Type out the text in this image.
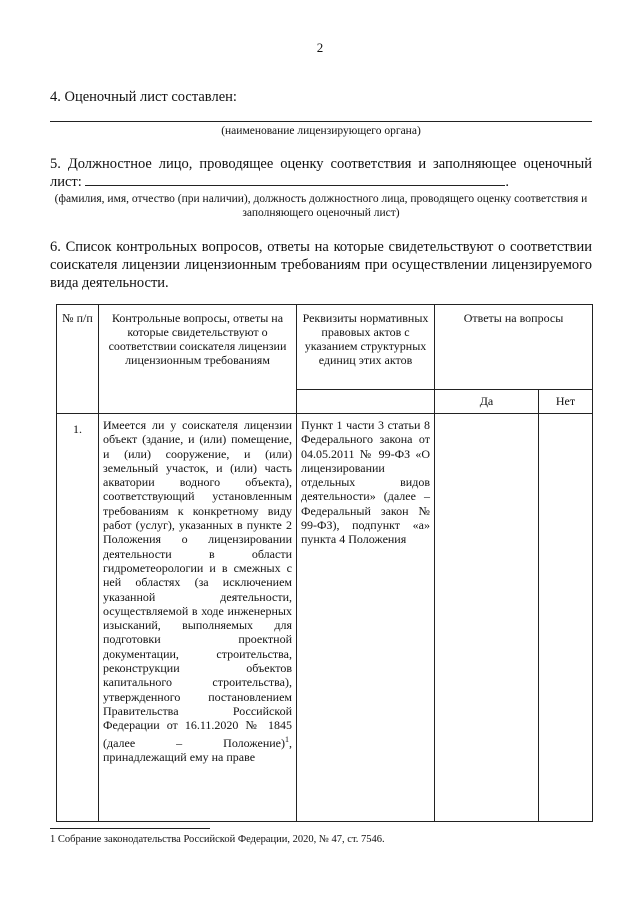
2
4. Оценочный лист составлен:
(наименование лицензирующего органа)
5. Должностное лицо, проводящее оценку соответствия и заполняющее оценочный лист:	.
(фамилия, имя, отчество (при наличии), должность должностного лица, проводящего оценку соответствия и заполняющего оценочный лист)
6. Список контрольных вопросов, ответы на которые свидетельствуют о соответствии соискателя лицензии лицензионным требованиям при осуществлении лицензируемого вида деятельности.
№ п/п	Контрольные вопросы, ответы на которые свидетельствуют о соответствии соискателя лицензии лицензионным требованиям	Реквизиты нормативных правовых актов с указанием структурных единиц этих актов	Ответы на вопросы	
			Да	Нет
1.	Имеется ли у соискателя лицензии объект (здание, и (или) помещение, и (или) сооружение, и (или) земельный участок, и (или) часть акватории водного объекта), соответствующий установленным требованиям к конкретному виду работ (услуг), указанных в пункте 2 Положения о лицензировании деятельности в области гидрометеорологии и в смежных с ней областях (за исключением указанной деятельности, осуществляемой в ходе инженерных изысканий, выполняемых для подготовки проектной документации, строительства, реконструкции объектов капитального строительства), утвержденного постановлением Правительства Российской Федерации от 16.11.2020 № 1845 (далее – Положение)$^1$, принадлежащий ему на праве	Пункт 1 части 3 статьи 8 Федерального закона от 04.05.2011 № 99-ФЗ «О лицензировании отдельных видов деятельности» (далее – Федеральный закон № 99-ФЗ), подпункт «а» пункта 4 Положения		
1 Собрание законодательства Российской Федерации, 2020, № 47, ст. 7546.
